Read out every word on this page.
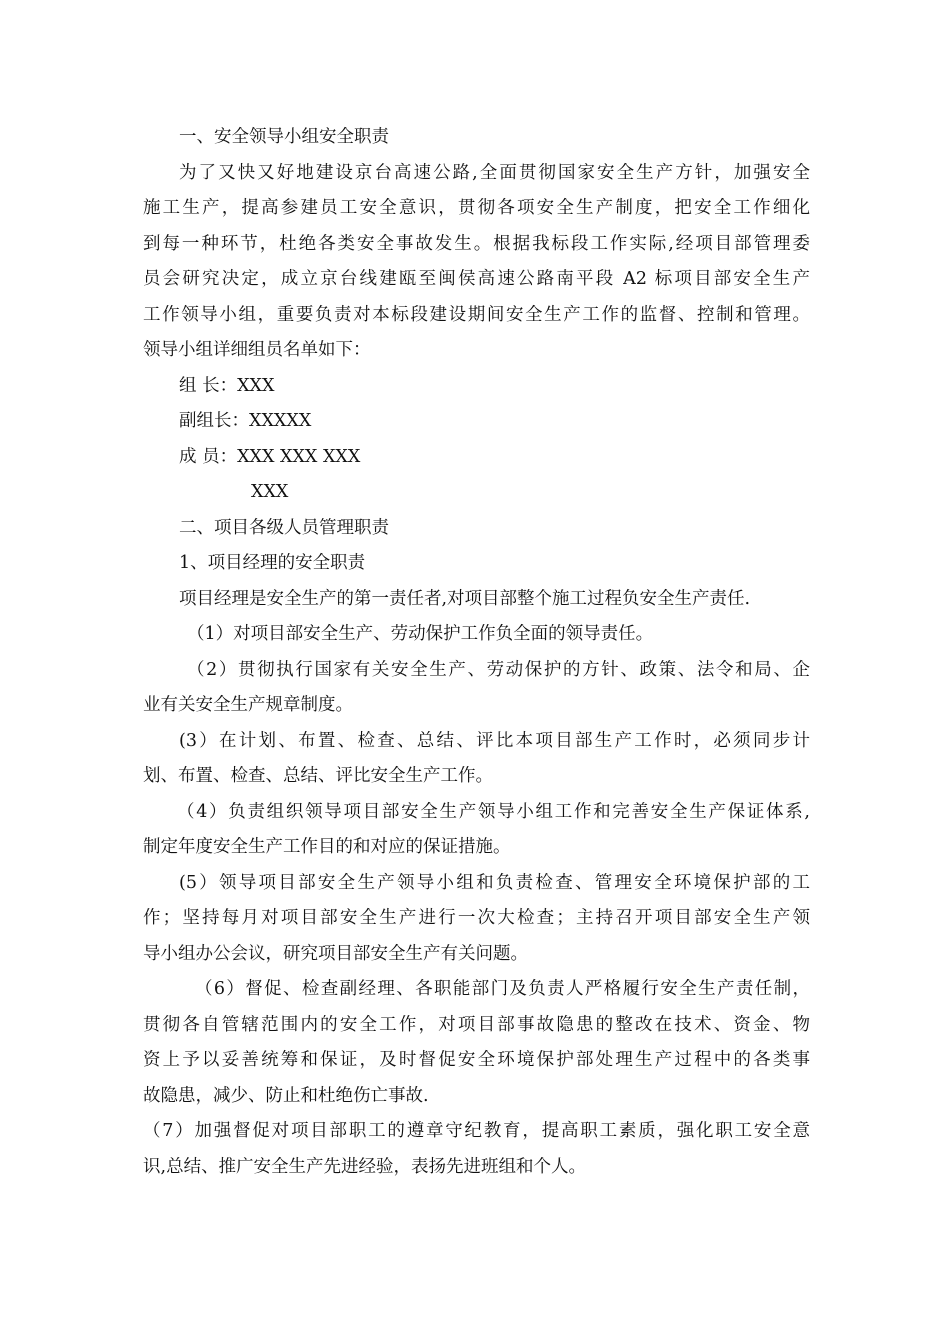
一、安全领导小组安全职责
为了又快又好地建设京台高速公路,全面贯彻国家安全生产方针，加强安全
施工生产，提高参建员工安全意识，贯彻各项安全生产制度，把安全工作细化
到每一种环节，杜绝各类安全事故发生。根据我标段工作实际,经项目部管理委
员会研究决定，成立京台线建瓯至闽侯高速公路南平段 A2 标项目部安全生产
工作领导小组，重要负责对本标段建设期间安全生产工作的监督、控制和管理。
领导小组详细组员名单如下：
组 长：XXX
副组长：XXXXX
成 员：XXX XXX XXX
XXX
二、项目各级人员管理职责
1、项目经理的安全职责
项目经理是安全生产的第一责任者,对项目部整个施工过程负安全生产责任.
（1）对项目部安全生产、劳动保护工作负全面的领导责任。
（2）贯彻执行国家有关安全生产、劳动保护的方针、政策、法令和局、企
业有关安全生产规章制度。
(3）在计划、布置、检查、总结、评比本项目部生产工作时，必须同步计
划、布置、检查、总结、评比安全生产工作。
（4）负责组织领导项目部安全生产领导小组工作和完善安全生产保证体系,
制定年度安全生产工作目的和对应的保证措施。
(5）领导项目部安全生产领导小组和负责检查、管理安全环境保护部的工
作；坚持每月对项目部安全生产进行一次大检查；主持召开项目部安全生产领
导小组办公会议，研究项目部安全生产有关问题。
（6）督促、检查副经理、各职能部门及负责人严格履行安全生产责任制，
贯彻各自管辖范围内的安全工作，对项目部事故隐患的整改在技术、资金、物
资上予以妥善统筹和保证，及时督促安全环境保护部处理生产过程中的各类事
故隐患，减少、防止和杜绝伤亡事故.
（7）加强督促对项目部职工的遵章守纪教育，提高职工素质，强化职工安全意
识,总结、推广安全生产先进经验，表扬先进班组和个人。
